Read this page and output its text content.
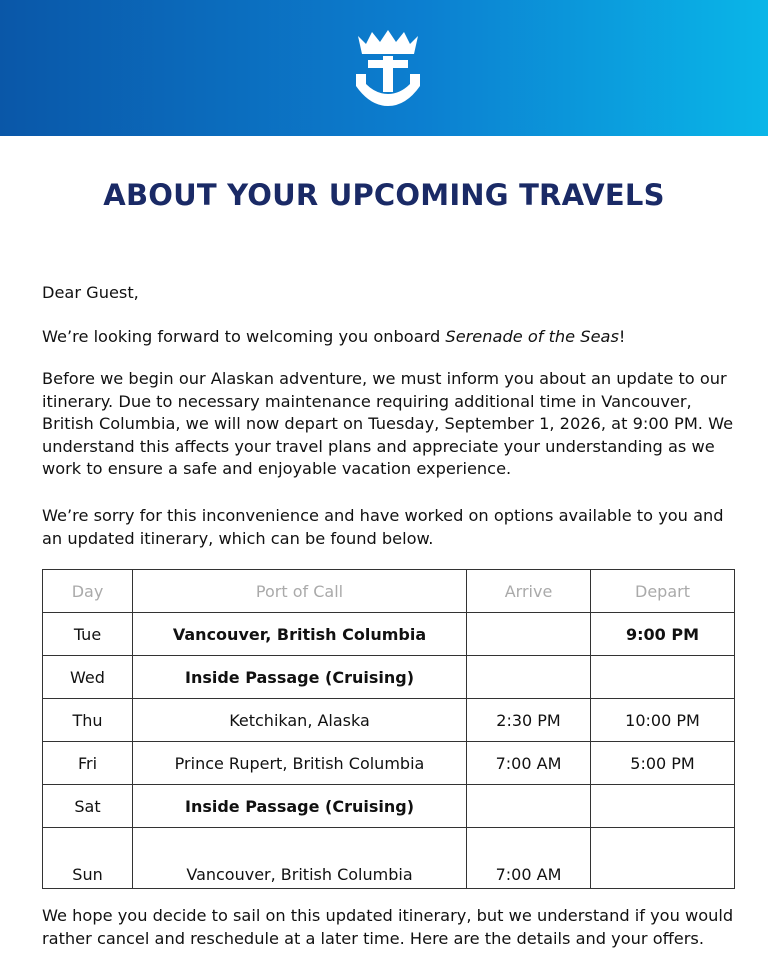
ABOUT YOUR UPCOMING TRAVELS
Dear Guest,
We’re looking forward to welcoming you onboard Serenade of the Seas!
Before we begin our Alaskan adventure, we must inform you about an update to our itinerary. Due to necessary maintenance requiring additional time in Vancouver, British Columbia, we will now depart on Tuesday, September 1, 2026, at 9:00 PM. We understand this affects your travel plans and appreciate your understanding as we work to ensure a safe and enjoyable vacation experience.
We’re sorry for this inconvenience and have worked on options available to you and an updated itinerary, which can be found below.
Day	Port of Call	Arrive	Depart
Tue	Vancouver, British Columbia		9:00 PM
Wed	Inside Passage (Cruising)		
Thu	Ketchikan, Alaska	2:30 PM	10:00 PM
Fri	Prince Rupert, British Columbia	7:00 AM	5:00 PM
Sat	Inside Passage (Cruising)		
Sun	Vancouver, British Columbia	7:00 AM	
We hope you decide to sail on this updated itinerary, but we understand if you would rather cancel and reschedule at a later time. Here are the details and your offers.
